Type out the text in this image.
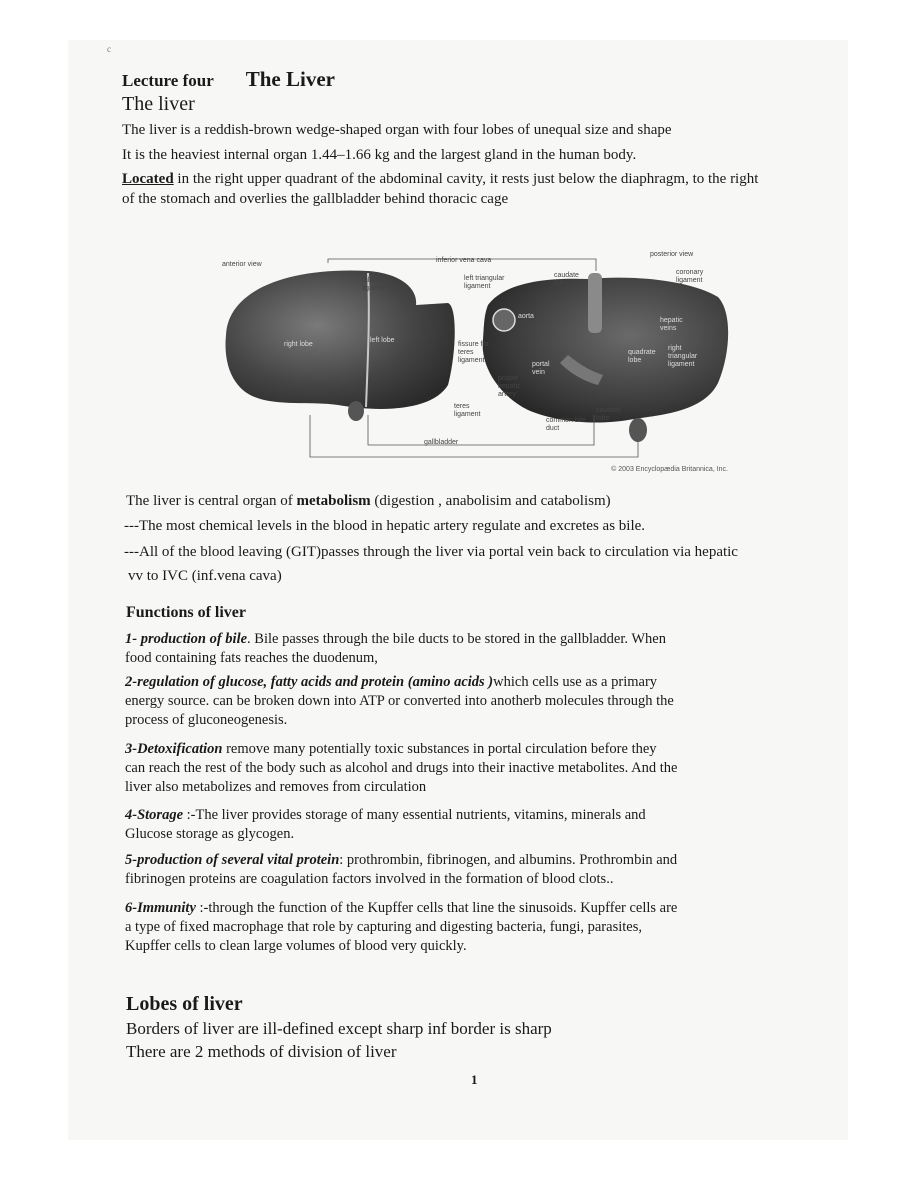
c
Lecture four The Liver
The liver
The liver is a reddish-brown wedge-shaped organ with four lobes of unequal size and shape
It is the heaviest internal organ 1.44–1.66 kg and the largest gland in the human body.
Located in the right upper quadrant of the abdominal cavity, it rests just below the diaphragm, to the right
of the stomach and overlies the gallbladder behind thoracic cage
anterior view
posterior view
inferior vena cava
falciform ligament
left triangular ligament
caudate lobe
coronary ligament
right lobe
left lobe
aorta
hepatic veins
fissure for teres ligament
portal vein
proper hepatic artery
quadrate lobe
right triangular ligament
teres ligament
common bile duct
caudate lobe
gallbladder
© 2003 Encyclopædia Britannica, Inc.
The liver is central organ of metabolism (digestion , anabolisim and catabolism)
---The most chemical levels in the blood in hepatic artery regulate and excretes as bile.
---All of the blood leaving (GIT)passes through the liver via portal vein back to circulation via hepatic
vv to IVC (inf.vena cava)
Functions of liver
1- production of bile. Bile passes through the bile ducts to be stored in the gallbladder. When
food containing fats reaches the duodenum,
2-regulation of glucose, fatty acids and protein (amino acids )which cells use as a primary
energy source. can be broken down into ATP or converted into anotherb molecules through the
process of gluconeogenesis.
3-Detoxification remove many potentially toxic substances in portal circulation before they
can reach the rest of the body such as alcohol and drugs into their inactive metabolites. And the
liver also metabolizes and removes from circulation
4-Storage :-The liver provides storage of many essential nutrients, vitamins, minerals and
Glucose storage as glycogen.
5-production of several vital protein: prothrombin, fibrinogen, and albumins. Prothrombin and
fibrinogen proteins are coagulation factors involved in the formation of blood clots..
6-Immunity :-through the function of the Kupffer cells that line the sinusoids. Kupffer cells are
a type of fixed macrophage that role by capturing and digesting bacteria, fungi, parasites,
Kupffer cells to clean large volumes of blood very quickly.
Lobes of liver
Borders of liver are ill-defined except sharp inf border is sharp
There are 2 methods of division of liver
1
